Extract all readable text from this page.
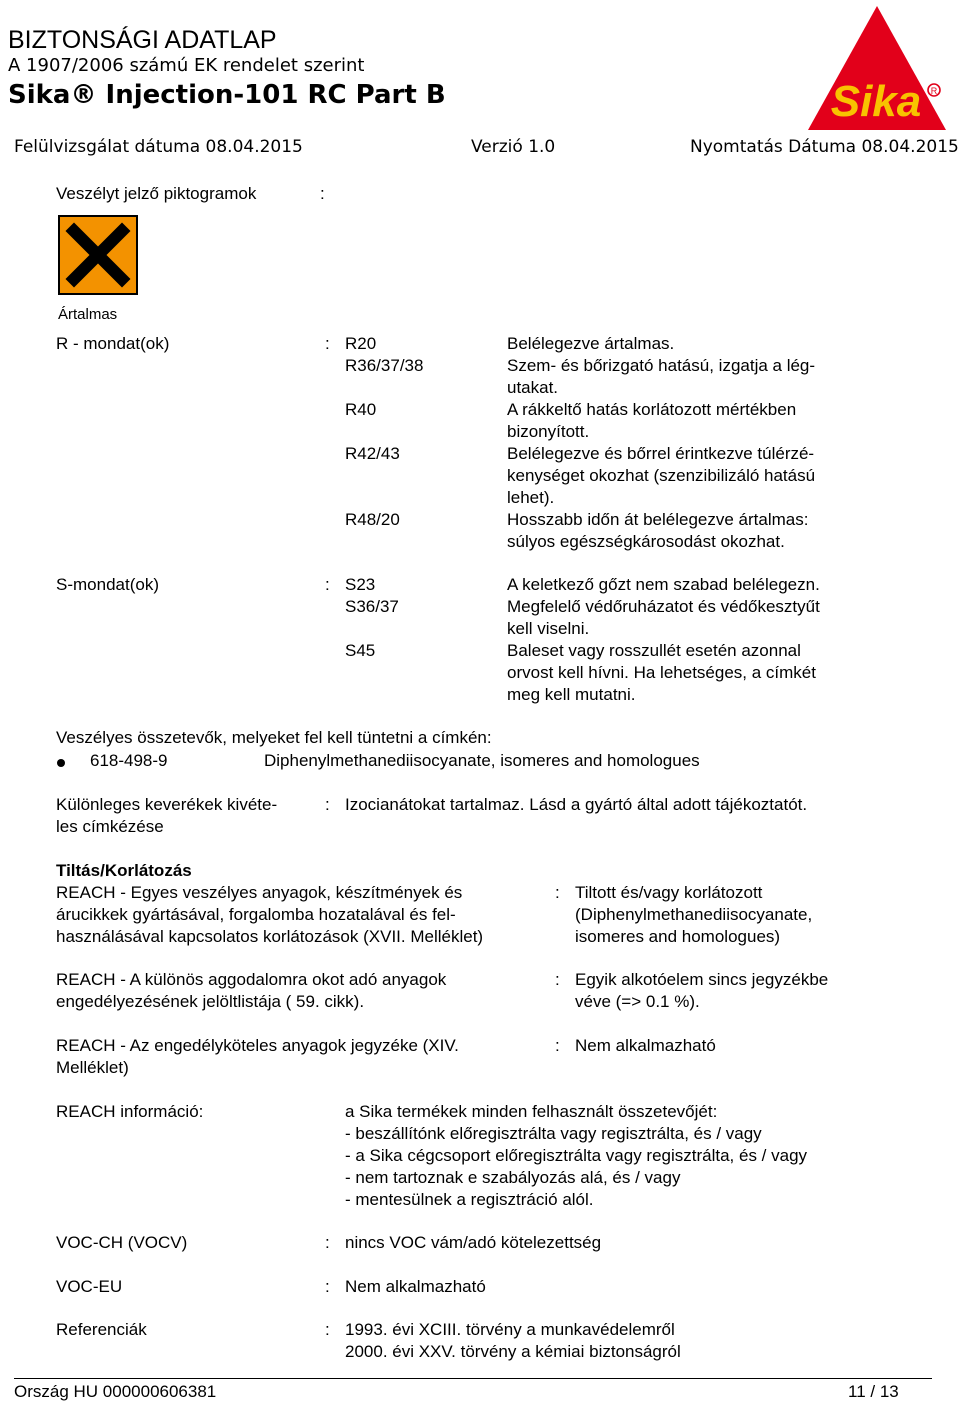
BIZTONSÁGI ADATLAP
A 1907/2006 számú EK rendelet szerint
Sika® Injection-101 RC Part B
Felülvizsgálat dátuma 08.04.2015	Verzió 1.0	Nyomtatás Dátuma 08.04.2015
Sika R
Veszélyt jelző piktogramok	:
Ártalmas
R - mondat(ok)	: R20	Belélegezve ártalmas.
R36/37/38	Szem- és bőrizgató hatású, izgatja a lég-
utakat.
R40	A rákkeltő hatás korlátozott mértékben
bizonyított.
R42/43	Belélegezve és bőrrel érintkezve túlérzé-
kenységet okozhat (szenzibilizáló hatású
lehet).
R48/20	Hosszabb időn át belélegezve ártalmas:
súlyos egészségkárosodást okozhat.
S-mondat(ok)	: S23	A keletkező gőzt nem szabad belélegezn.
S36/37	Megfelelő védőruházatot és védőkesztyűt
kell viselni.
S45	Baleset vagy rosszullét esetén azonnal
orvost kell hívni. Ha lehetséges, a címkét
meg kell mutatni.
Veszélyes összetevők, melyeket fel kell tüntetni a címkén:
618-498-9	Diphenylmethanediisocyanate, isomeres and homologues
Különleges keverékek kivéte-
les címkézése
: Izocianátokat tartalmaz. Lásd a gyártó által adott tájékoztatót.
Tiltás/Korlátozás
REACH - Egyes veszélyes anyagok, készítmények és
árucikkek gyártásával, forgalomba hozatalával és fel-
használásával kapcsolatos korlátozások (XVII. Melléklet)
: Tiltott és/vagy korlátozott
(Diphenylmethanediisocyanate,
isomeres and homologues)
REACH - A különös aggodalomra okot adó anyagok
engedélyezésének jelöltlistája ( 59. cikk).
: Egyik alkotóelem sincs jegyzékbe
véve (=> 0.1 %).
REACH - Az engedélyköteles anyagok jegyzéke (XIV.
Melléklet)
: Nem alkalmazható
REACH információ:	a Sika termékek minden felhasznált összetevőjét:
- beszállítónk előregisztrálta vagy regisztrálta, és / vagy
- a Sika cégcsoport előregisztrálta vagy regisztrálta, és / vagy
- nem tartoznak e szabályozás alá, és / vagy
- mentesülnek a regisztráció alól.
VOC-CH (VOCV)	: nincs VOC vám/adó kötelezettség
VOC-EU	: Nem alkalmazható
Referenciák	: 1993. évi XCIII. törvény a munkavédelemről
2000. évi XXV. törvény a kémiai biztonságról
Ország HU 000000606381	11 / 13
